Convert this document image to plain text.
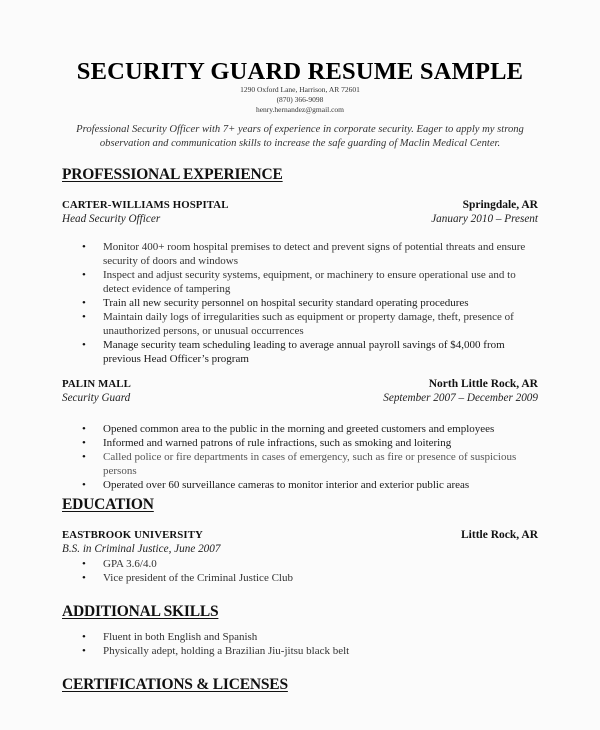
SECURITY GUARD RESUME SAMPLE
1290 Oxford Lane, Harrison, AR 72601
(870) 366-9098
henry.hernandez@gmail.com
Professional Security Officer with 7+ years of experience in corporate security. Eager to apply my strong observation and communication skills to increase the safe guarding of Maclin Medical Center.
PROFESSIONAL EXPERIENCE
CARTER-WILLIAMS HOSPITAL	Springdale, AR
Head Security Officer	January 2010 – Present
• Monitor 400+ room hospital premises to detect and prevent signs of potential threats and ensure security of doors and windows
• Inspect and adjust security systems, equipment, or machinery to ensure operational use and to detect evidence of tampering
• Train all new security personnel on hospital security standard operating procedures
• Maintain daily logs of irregularities such as equipment or property damage, theft, presence of unauthorized persons, or unusual occurrences
• Manage security team scheduling leading to average annual payroll savings of $4,000 from previous Head Officer’s program
PALIN MALL	North Little Rock, AR
Security Guard	September 2007 – December 2009
• Opened common area to the public in the morning and greeted customers and employees
• Informed and warned patrons of rule infractions, such as smoking and loitering
• Called police or fire departments in cases of emergency, such as fire or presence of suspicious persons
• Operated over 60 surveillance cameras to monitor interior and exterior public areas
EDUCATION
EASTBROOK UNIVERSITY	Little Rock, AR
B.S. in Criminal Justice, June 2007
• GPA 3.6/4.0
• Vice president of the Criminal Justice Club
ADDITIONAL SKILLS
• Fluent in both English and Spanish
• Physically adept, holding a Brazilian Jiu-jitsu black belt
CERTIFICATIONS & LICENSES
